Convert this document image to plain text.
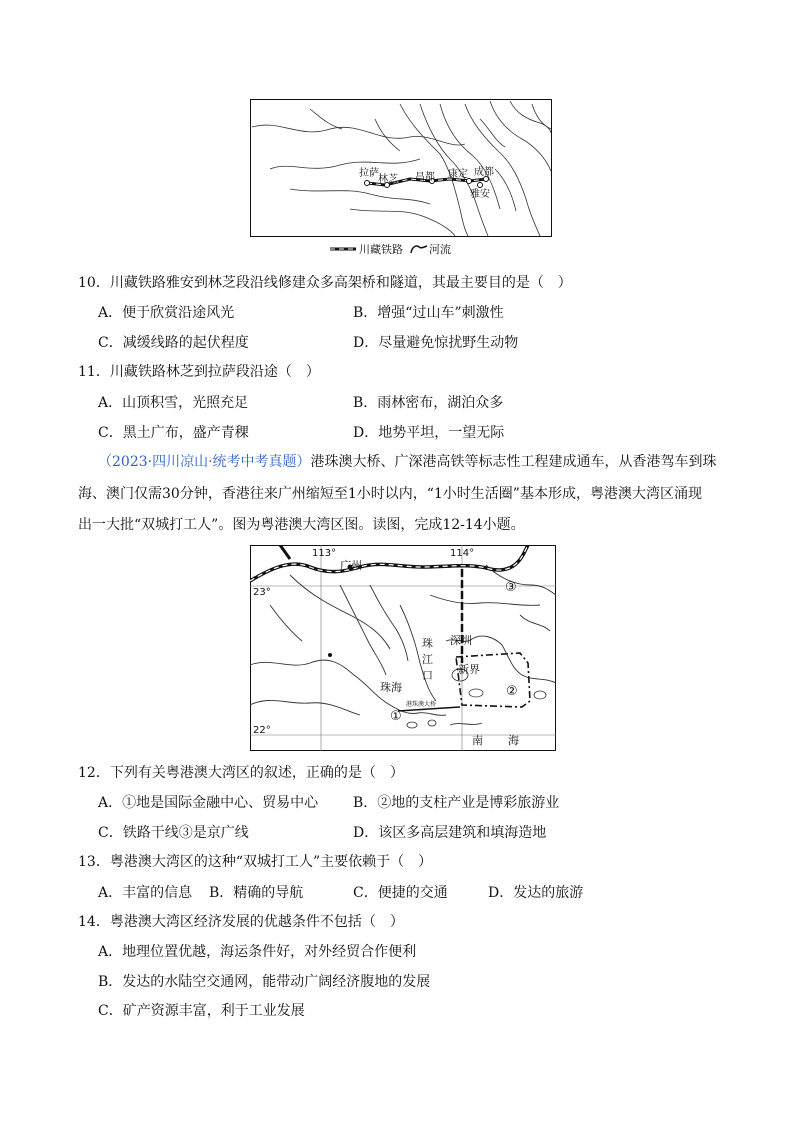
拉萨
林芝 昌都 康定 成都
雅安
川藏铁路 河流
10．川藏铁路雅安到林芝段沿线修建众多高架桥和隧道，其最主要目的是（　）
A．便于欣赏沿途风光	B．增强“过山车”刺激性
C．减缓线路的起伏程度	D．尽量避免惊扰野生动物
11．川藏铁路林芝到拉萨段沿途（　）
A．山顶积雪，光照充足	B．雨林密布，湖泊众多
C．黑土广布，盛产青稞	D．地势平坦，一望无际
（2023·四川凉山·统考中考真题）港珠澳大桥、广深港高铁等标志性工程建成通车，从香港驾车到珠
海、澳门仅需30分钟，香港往来广州缩短至1小时以内，“1小时生活圈”基本形成，粤港澳大湾区涌现
出一大批“双城打工人”。图为粤港澳大湾区图。读图，完成12-14小题。
113°	114°
23°
22°
广州
深圳
新界
珠
江
口
珠海
港珠澳大桥
南 海
①
②
③
12．下列有关粤港澳大湾区的叙述，正确的是（　）
A．①地是国际金融中心、贸易中心 B．②地的支柱产业是博彩旅游业
C．铁路干线③是京广线	D．该区多高层建筑和填海造地
13．粤港澳大湾区的这种“双城打工人”主要依赖于（　）
A．丰富的信息 B．精确的导航	C．便捷的交通	D．发达的旅游
14．粤港澳大湾区经济发展的优越条件不包括（　）
A．地理位置优越，海运条件好，对外经贸合作便利
B．发达的水陆空交通网，能带动广阔经济腹地的发展
C．矿产资源丰富，利于工业发展
